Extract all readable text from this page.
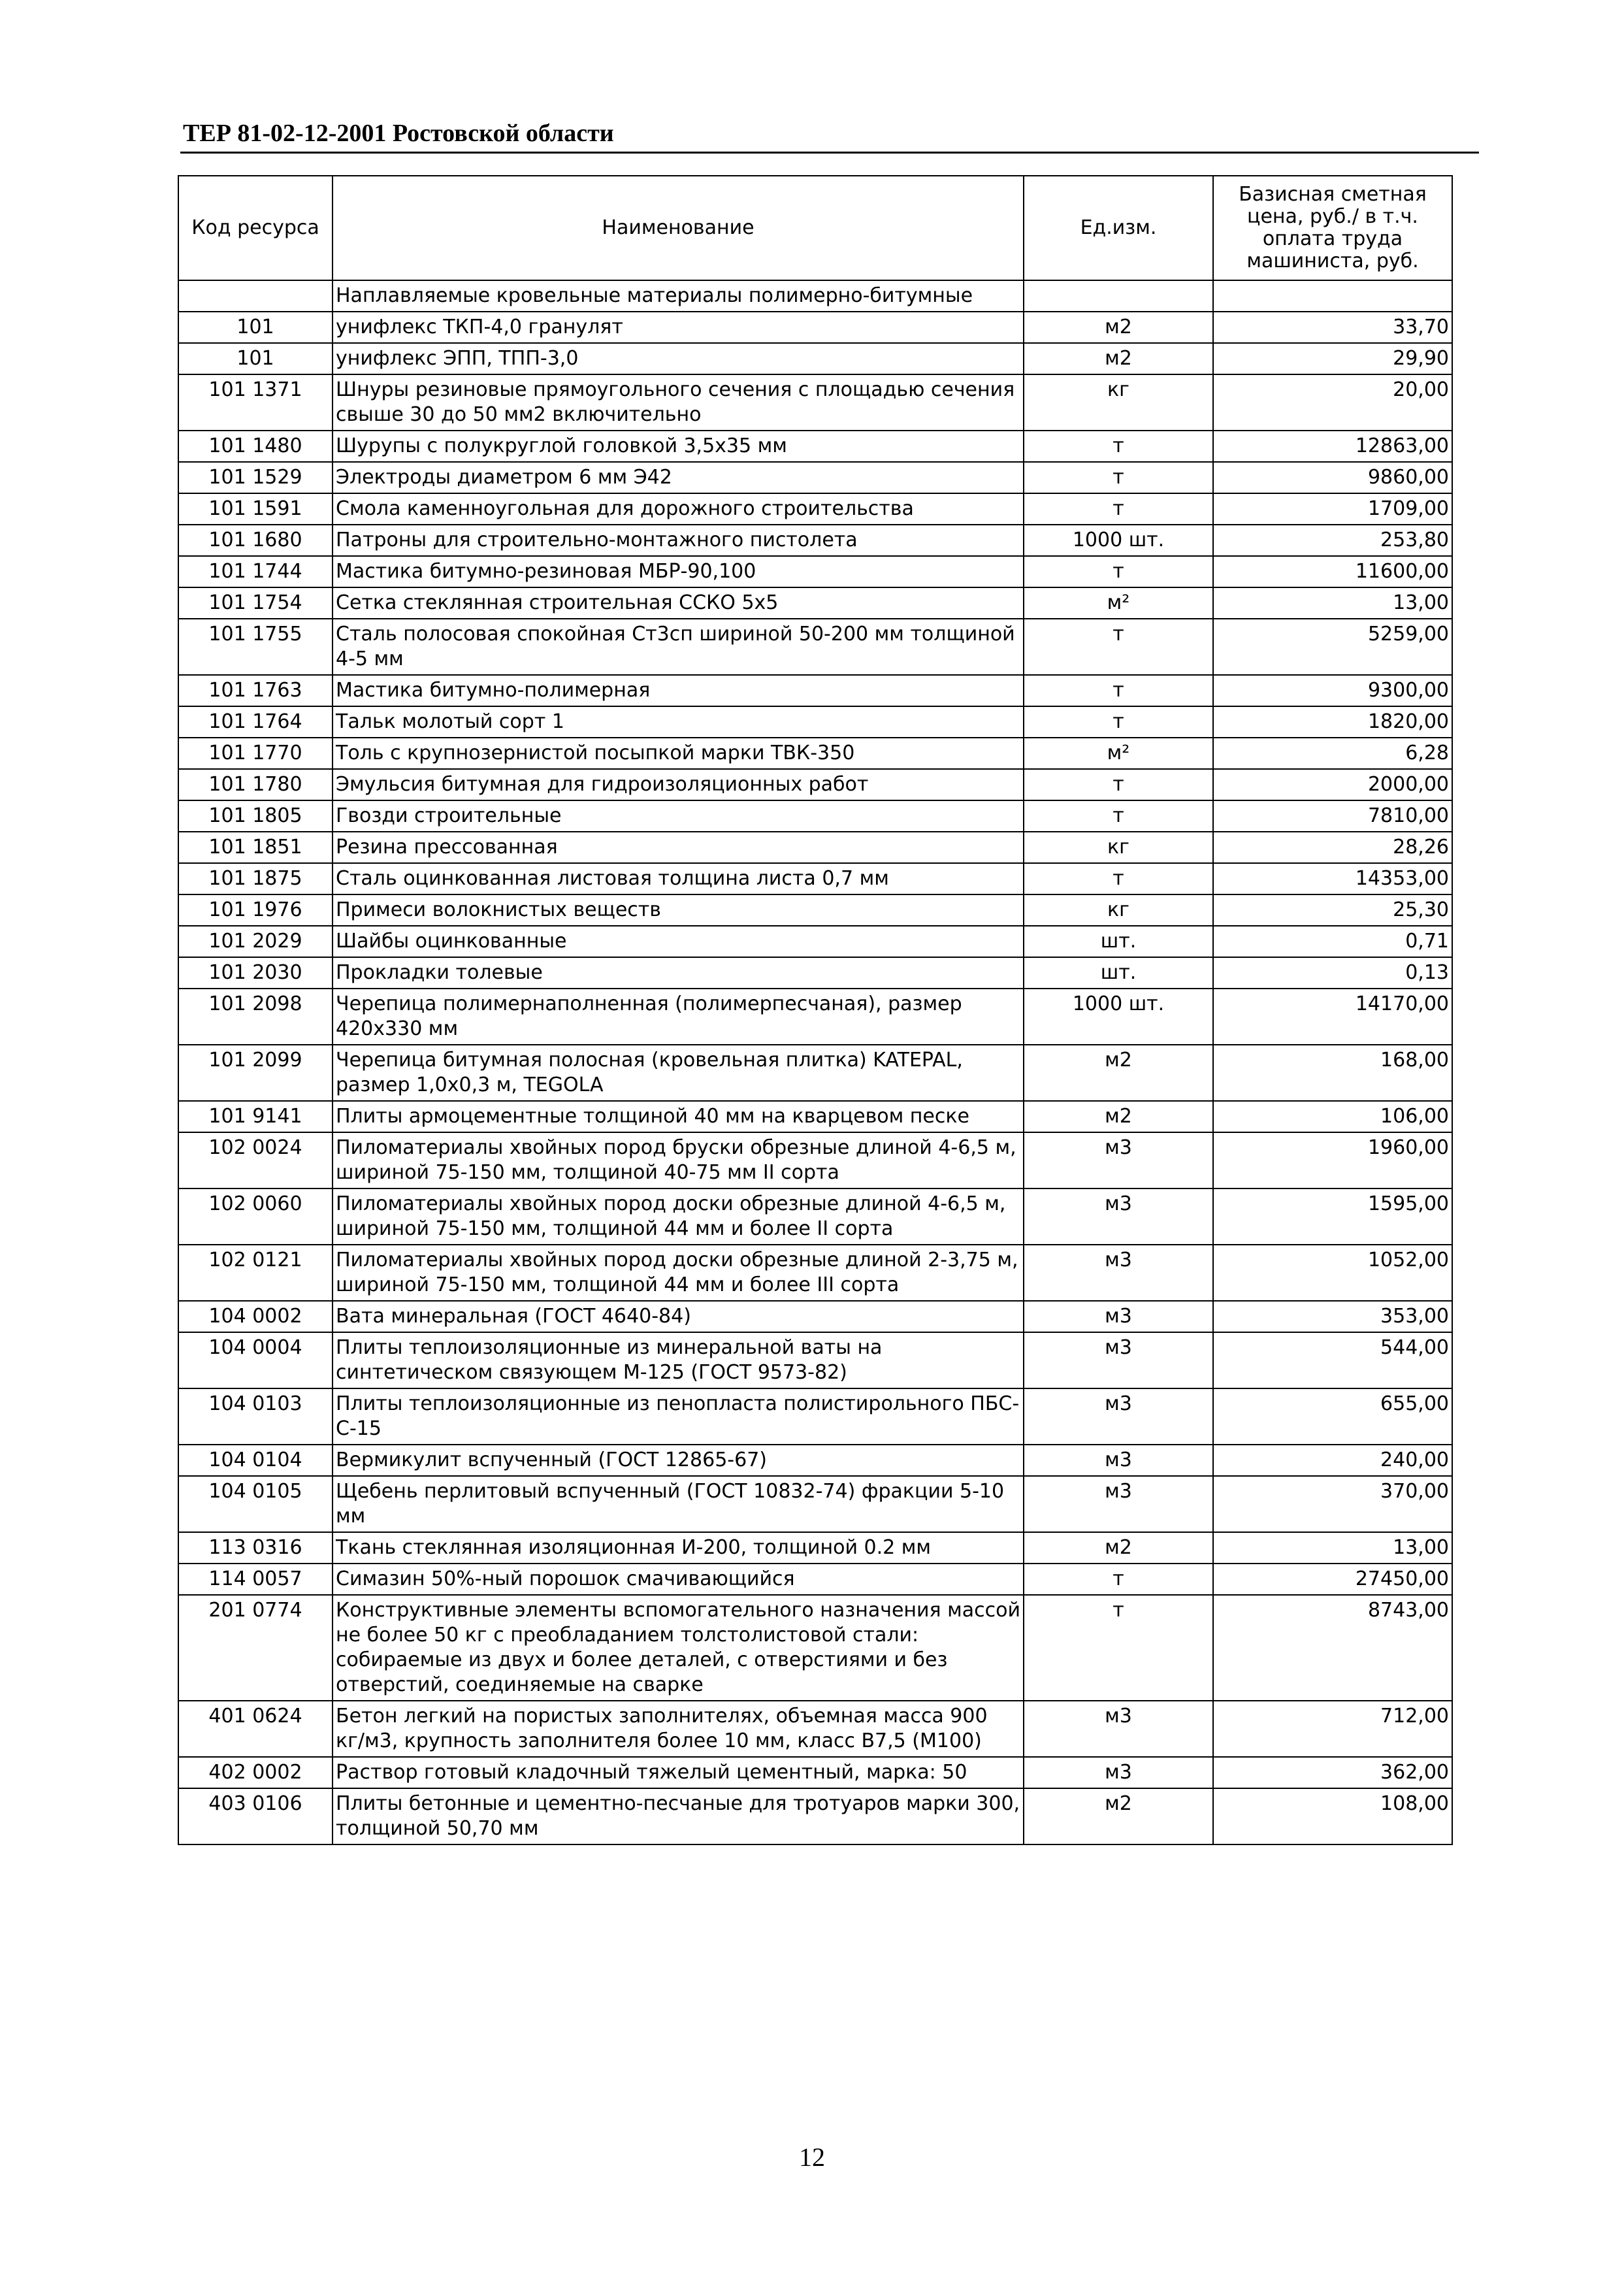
ТЕР 81-02-12-2001 Ростовской области
Код ресурса	Наименование	Ед.изм.	Базисная сметная цена, руб./ в т.ч. оплата труда машиниста, руб.
	Наплавляемые кровельные материалы полимерно-битумные		
101	унифлекс ТКП-4,0 гранулят	м2	33,70
101	унифлекс ЭПП, ТПП-3,0	м2	29,90
101 1371	Шнуры резиновые прямоугольного сечения с площадью сечения свыше 30 до 50 мм2 включительно	кг	20,00
101 1480	Шурупы с полукруглой головкой 3,5x35 мм	т	12863,00
101 1529	Электроды диаметром 6 мм Э42	т	9860,00
101 1591	Смола каменноугольная для дорожного строительства	т	1709,00
101 1680	Патроны для строительно-монтажного пистолета	1000 шт.	253,80
101 1744	Мастика битумно-резиновая МБР-90,100	т	11600,00
101 1754	Сетка стеклянная строительная ССКО 5x5	м²	13,00
101 1755	Сталь полосовая спокойная Ст3сп шириной 50-200 мм толщиной 4-5 мм	т	5259,00
101 1763	Мастика битумно-полимерная	т	9300,00
101 1764	Тальк молотый сорт 1	т	1820,00
101 1770	Толь с крупнозернистой посыпкой марки ТВК-350	м²	6,28
101 1780	Эмульсия битумная для гидроизоляционных работ	т	2000,00
101 1805	Гвозди строительные	т	7810,00
101 1851	Резина прессованная	кг	28,26
101 1875	Сталь оцинкованная листовая толщина листа 0,7 мм	т	14353,00
101 1976	Примеси волокнистых веществ	кг	25,30
101 2029	Шайбы оцинкованные	шт.	0,71
101 2030	Прокладки толевые	шт.	0,13
101 2098	Черепица полимернаполненная (полимерпесчаная), размер 420x330 мм	1000 шт.	14170,00
101 2099	Черепица битумная полосная (кровельная плитка) KATEPAL, размер 1,0x0,3 м, TEGOLA	м2	168,00
101 9141	Плиты армоцементные толщиной 40 мм на кварцевом песке	м2	106,00
102 0024	Пиломатериалы хвойных пород бруски обрезные длиной 4-6,5 м, шириной 75-150 мм, толщиной 40-75 мм II сорта	м3	1960,00
102 0060	Пиломатериалы хвойных пород доски обрезные длиной 4-6,5 м, шириной 75-150 мм, толщиной 44 мм и более II сорта	м3	1595,00
102 0121	Пиломатериалы хвойных пород доски обрезные длиной 2-3,75 м, шириной 75-150 мм, толщиной 44 мм и более III сорта	м3	1052,00
104 0002	Вата минеральная (ГОСТ 4640-84)	м3	353,00
104 0004	Плиты теплоизоляционные из минеральной ваты на синтетическом связующем М-125 (ГОСТ 9573-82)	м3	544,00
104 0103	Плиты теплоизоляционные из пенопласта полистирольного ПБС-С-15	м3	655,00
104 0104	Вермикулит вспученный (ГОСТ 12865-67)	м3	240,00
104 0105	Щебень перлитовый вспученный (ГОСТ 10832-74) фракции 5-10 мм	м3	370,00
113 0316	Ткань стеклянная изоляционная И-200, толщиной 0.2 мм	м2	13,00
114 0057	Симазин 50%-ный порошок смачивающийся	т	27450,00
201 0774	Конструктивные элементы вспомогательного назначения массой не более 50 кг с преобладанием толстолистовой стали: собираемые из двух и более деталей, с отверстиями и без отверстий, соединяемые на сварке	т	8743,00
401 0624	Бетон легкий на пористых заполнителях, объемная масса 900 кг/м3, крупность заполнителя более 10 мм, класс В7,5 (М100)	м3	712,00
402 0002	Раствор готовый кладочный тяжелый цементный, марка: 50	м3	362,00
403 0106	Плиты бетонные и цементно-песчаные для тротуаров марки 300, толщиной 50,70 мм	м2	108,00
12
